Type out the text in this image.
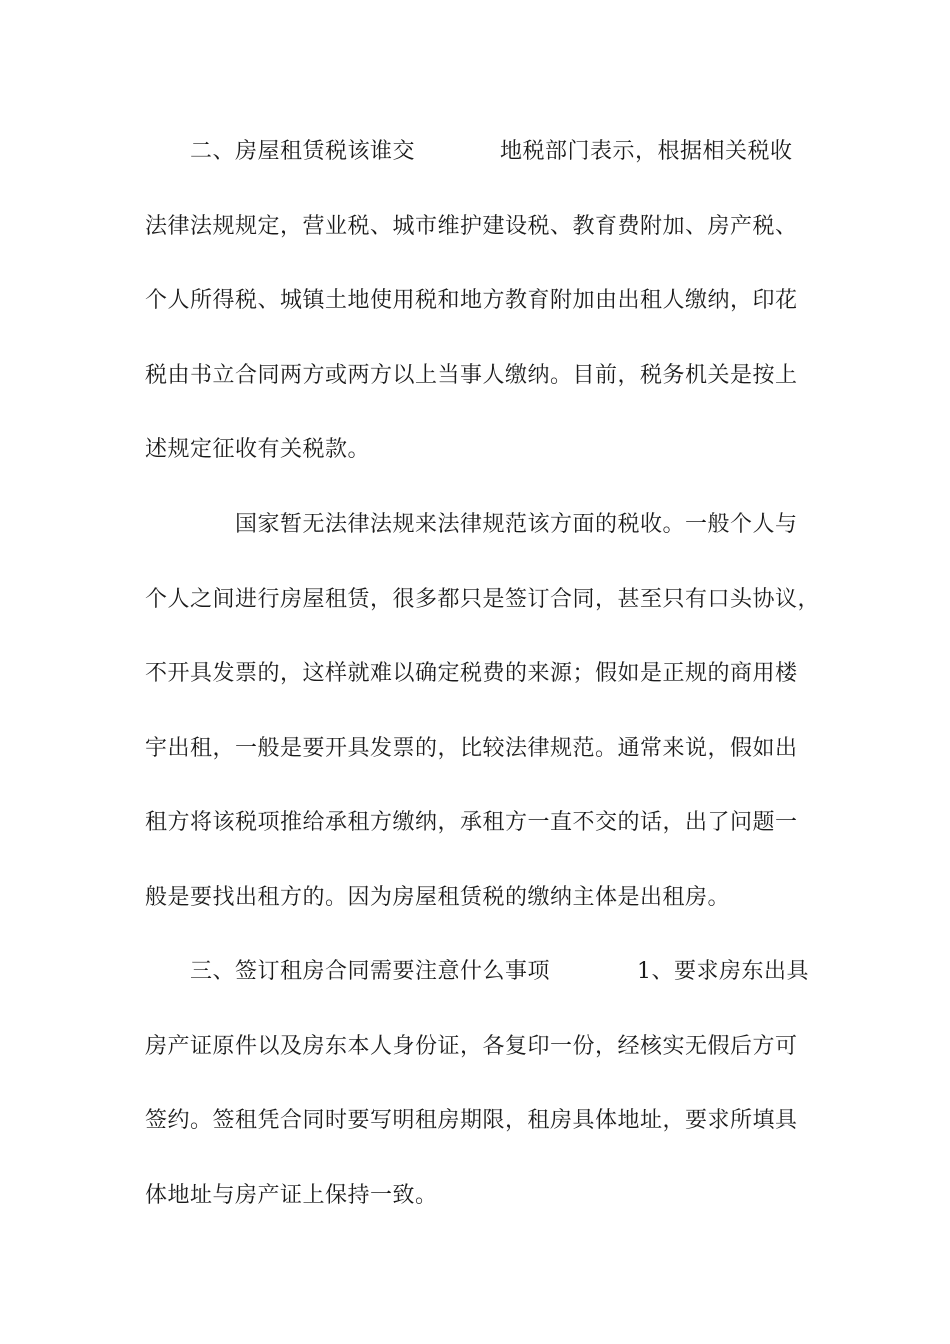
二、房屋租赁税该谁交	地税部门表示，根据相关税收
法律法规规定，营业税、城市维护建设税、教育费附加、房产税、
个人所得税、城镇土地使用税和地方教育附加由出租人缴纳，印花
税由书立合同两方或两方以上当事人缴纳。目前，税务机关是按上
述规定征收有关税款。
国家暂无法律法规来法律规范该方面的税收。一般个人与
个人之间进行房屋租赁，很多都只是签订合同，甚至只有口头协议，
不开具发票的，这样就难以确定税费的来源；假如是正规的商用楼
宇出租，一般是要开具发票的，比较法律规范。通常来说，假如出
租方将该税项推给承租方缴纳，承租方一直不交的话，出了问题一
般是要找出租方的。因为房屋租赁税的缴纳主体是出租房。
三、签订租房合同需要注意什么事项	1、要求房东出具
房产证原件以及房东本人身份证，各复印一份，经核实无假后方可
签约。签租凭合同时要写明租房期限，租房具体地址，要求所填具
体地址与房产证上保持一致。
